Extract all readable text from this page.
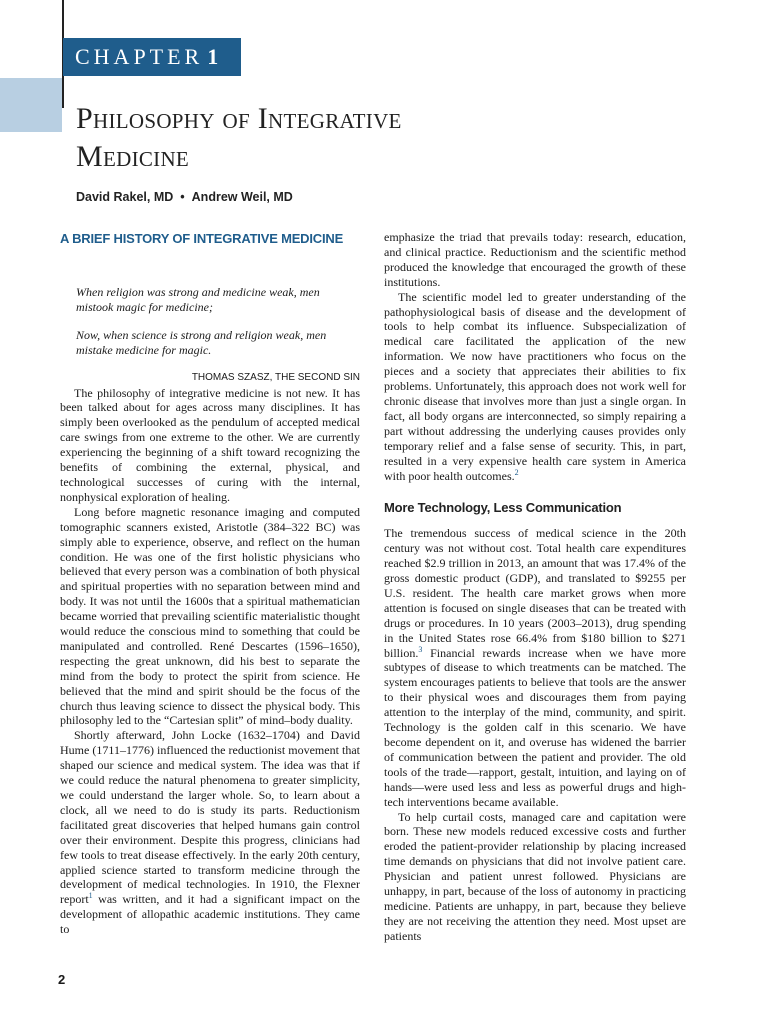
CHAPTER 1
Philosophy of Integrative
Medicine
David Rakel, MD • Andrew Weil, MD
A BRIEF HISTORY OF INTEGRATIVE MEDICINE

When religion was strong and medicine weak, men mistook magic for medicine;

Now, when science is strong and religion weak, men mistake medicine for magic.

THOMAS SZASZ, THE SECOND SIN

The philosophy of integrative medicine is not new. It has been talked about for ages across many disciplines. It has simply been overlooked as the pendulum of accepted medical care swings from one extreme to the other. We are currently experiencing the beginning of a shift toward recognizing the benefits of combining the external, physical, and technological successes of curing with the internal, nonphysical exploration of healing.

Long before magnetic resonance imaging and computed tomographic scanners existed, Aristotle (384–322 BC) was simply able to experience, observe, and reflect on the human condition. He was one of the first holistic physicians who believed that every person was a combination of both physical and spiritual properties with no separation between mind and body. It was not until the 1600s that a spiritual mathematician became worried that prevailing scientific materialistic thought would reduce the conscious mind to something that could be manipulated and controlled. René Descartes (1596–1650), respecting the great unknown, did his best to separate the mind from the body to protect the spirit from science. He believed that the mind and spirit should be the focus of the church thus leaving science to dissect the physical body. This philosophy led to the “Cartesian split” of mind–body duality.

Shortly afterward, John Locke (1632–1704) and David Hume (1711–1776) influenced the reductionist movement that shaped our science and medical system. The idea was that if we could reduce the natural phenomena to greater simplicity, we could understand the larger whole. So, to learn about a clock, all we need to do is study its parts. Reductionism facilitated great discoveries that helped humans gain control over their environment. Despite this progress, clinicians had few tools to treat disease effectively. In the early 20th century, applied science started to transform medicine through the development of medical technologies. In 1910, the Flexner report$^1$ was written, and it had a significant impact on the development of allopathic academic institutions. They came to

emphasize the triad that prevails today: research, education, and clinical practice. Reductionism and the scientific method produced the knowledge that encouraged the growth of these institutions.

The scientific model led to greater understanding of the pathophysiological basis of disease and the development of tools to help combat its influence. Subspecialization of medical care facilitated the application of the new information. We now have practitioners who focus on the pieces and a society that appreciates their abilities to fix problems. Unfortunately, this approach does not work well for chronic disease that involves more than just a single organ. In fact, all body organs are interconnected, so simply repairing a part without addressing the underlying causes provides only temporary relief and a false sense of security. This, in part, resulted in a very expensive health care system in America with poor health outcomes.$^2$

More Technology, Less Communication

The tremendous success of medical science in the 20th century was not without cost. Total health care expenditures reached $2.9 trillion in 2013, an amount that was 17.4% of the gross domestic product (GDP), and translated to $9255 per U.S. resident. The health care market grows when more attention is focused on single diseases that can be treated with drugs or procedures. In 10 years (2003–2013), drug spending in the United States rose 66.4% from $180 billion to $271 billion.$^3$ Financial rewards increase when we have more subtypes of disease to which treatments can be matched. The system encourages patients to believe that tools are the answer to their physical woes and discourages them from paying attention to the interplay of the mind, community, and spirit. Technology is the golden calf in this scenario. We have become dependent on it, and overuse has widened the barrier of communication between the patient and provider. The old tools of the trade—rapport, gestalt, intuition, and laying on of hands—were used less and less as powerful drugs and high-tech interventions became available.

To help curtail costs, managed care and capitation were born. These new models reduced excessive costs and further eroded the patient-provider relationship by placing increased time demands on physicians that did not involve patient care. Physician and patient unrest followed. Physicians are unhappy, in part, because of the loss of autonomy in practicing medicine. Patients are unhappy, in part, because they believe they are not receiving the attention they need. Most upset are patients

2
